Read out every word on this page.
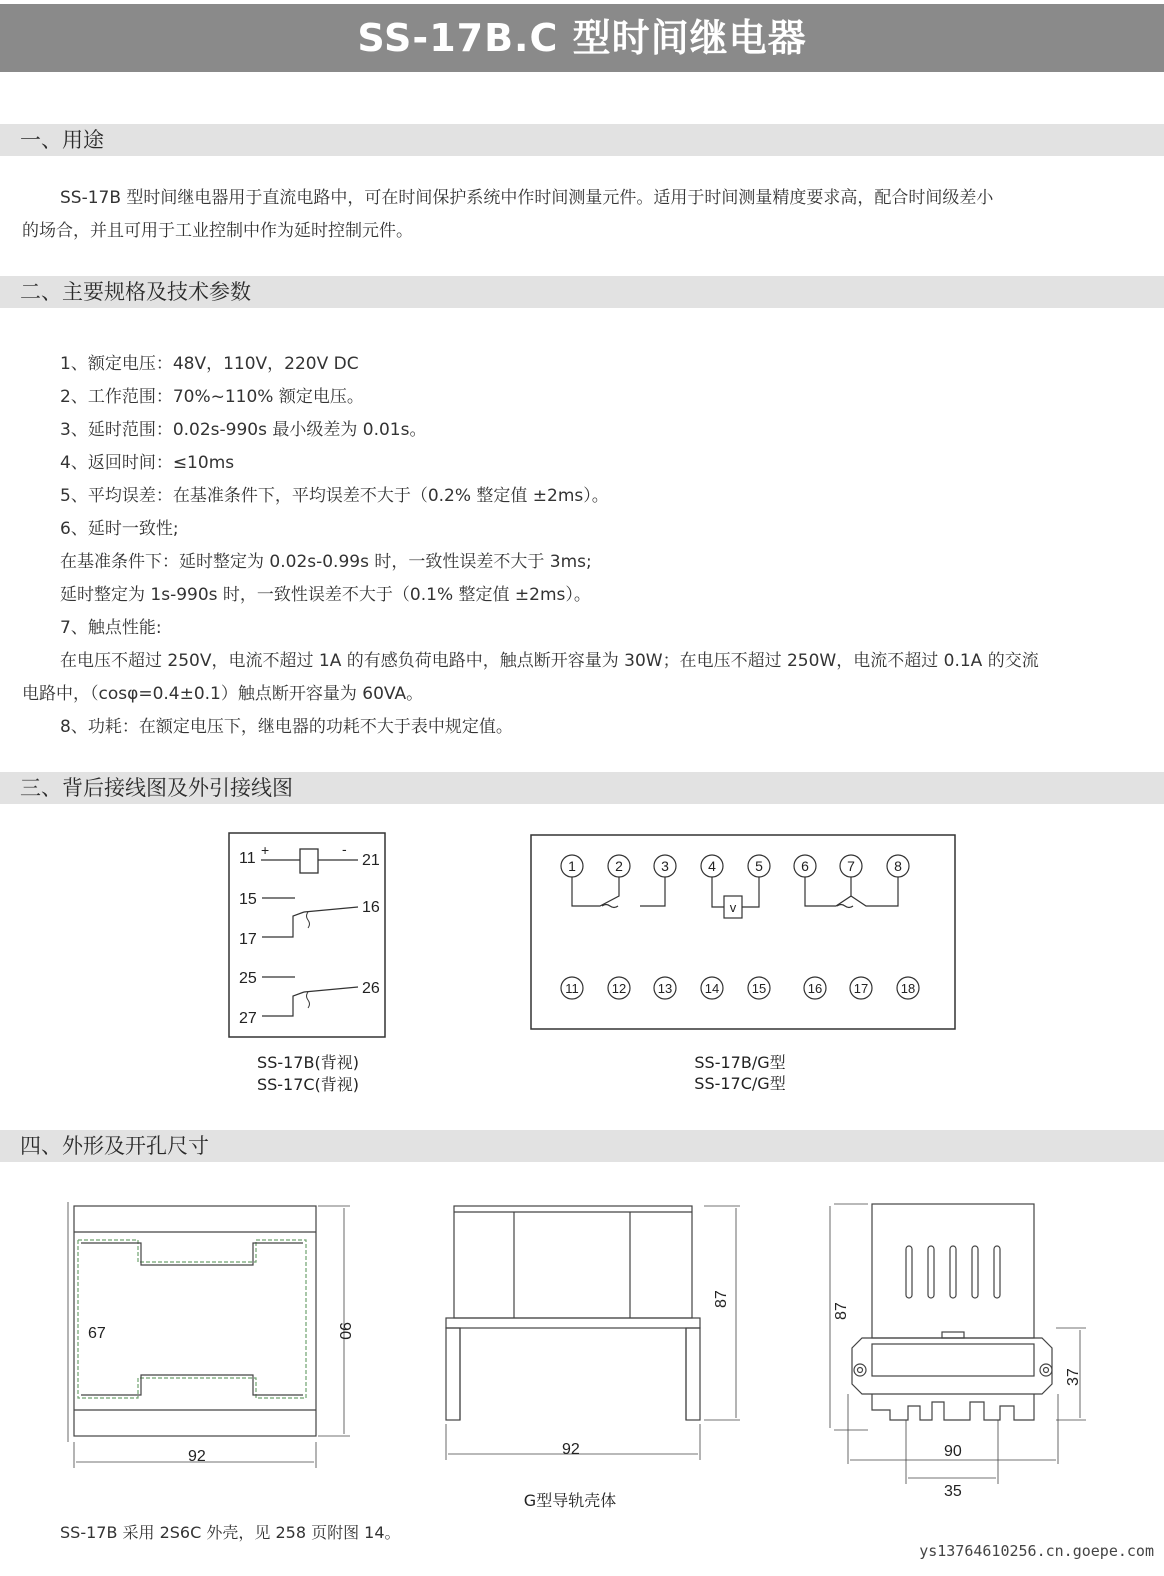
SS-17B.C 型时间继电器
一、用途
SS-17B 型时间继电器用于直流电路中，可在时间保护系统中作时间测量元件。适用于时间测量精度要求高，配合时间级差小
的场合，并且可用于工业控制中作为延时控制元件。
二、主要规格及技术参数
1、额定电压：48V，110V，220V DC
2、工作范围：70%~110% 额定电压。
3、延时范围：0.02s-990s 最小级差为 0.01s。
4、返回时间：≤10ms
5、平均误差：在基准条件下，平均误差不大于（0.2% 整定值 ±2ms）。
6、延时一致性;
在基准条件下：延时整定为 0.02s-0.99s 时，一致性误差不大于 3ms;
延时整定为 1s-990s 时，一致性误差不大于（0.1% 整定值 ±2ms）。
7、触点性能:
在电压不超过 250V，电流不超过 1A 的有感负荷电路中，触点断开容量为 30W；在电压不超过 250W，电流不超过 0.1A 的交流
电路中，（cosφ=0.4±0.1）触点断开容量为 60VA。
8、功耗：在额定电压下，继电器的功耗不大于表中规定值。
三、背后接线图及外引接线图
11 +	-
21
15	16
17
25
26
27
SS-17B(背视)
SS-17C(背视)
1	2	3	4	5	6	7	8
v
11	12 13	14	15	16 17	18
SS-17B/G型
SS-17C/G型
四、外形及开孔尺寸
67	90
92
87
92
G型导轨壳体
87
37
90
35
SS-17B 采用 2S6C 外壳，见 258 页附图 14。
ys13764610256.cn.goepe.com
